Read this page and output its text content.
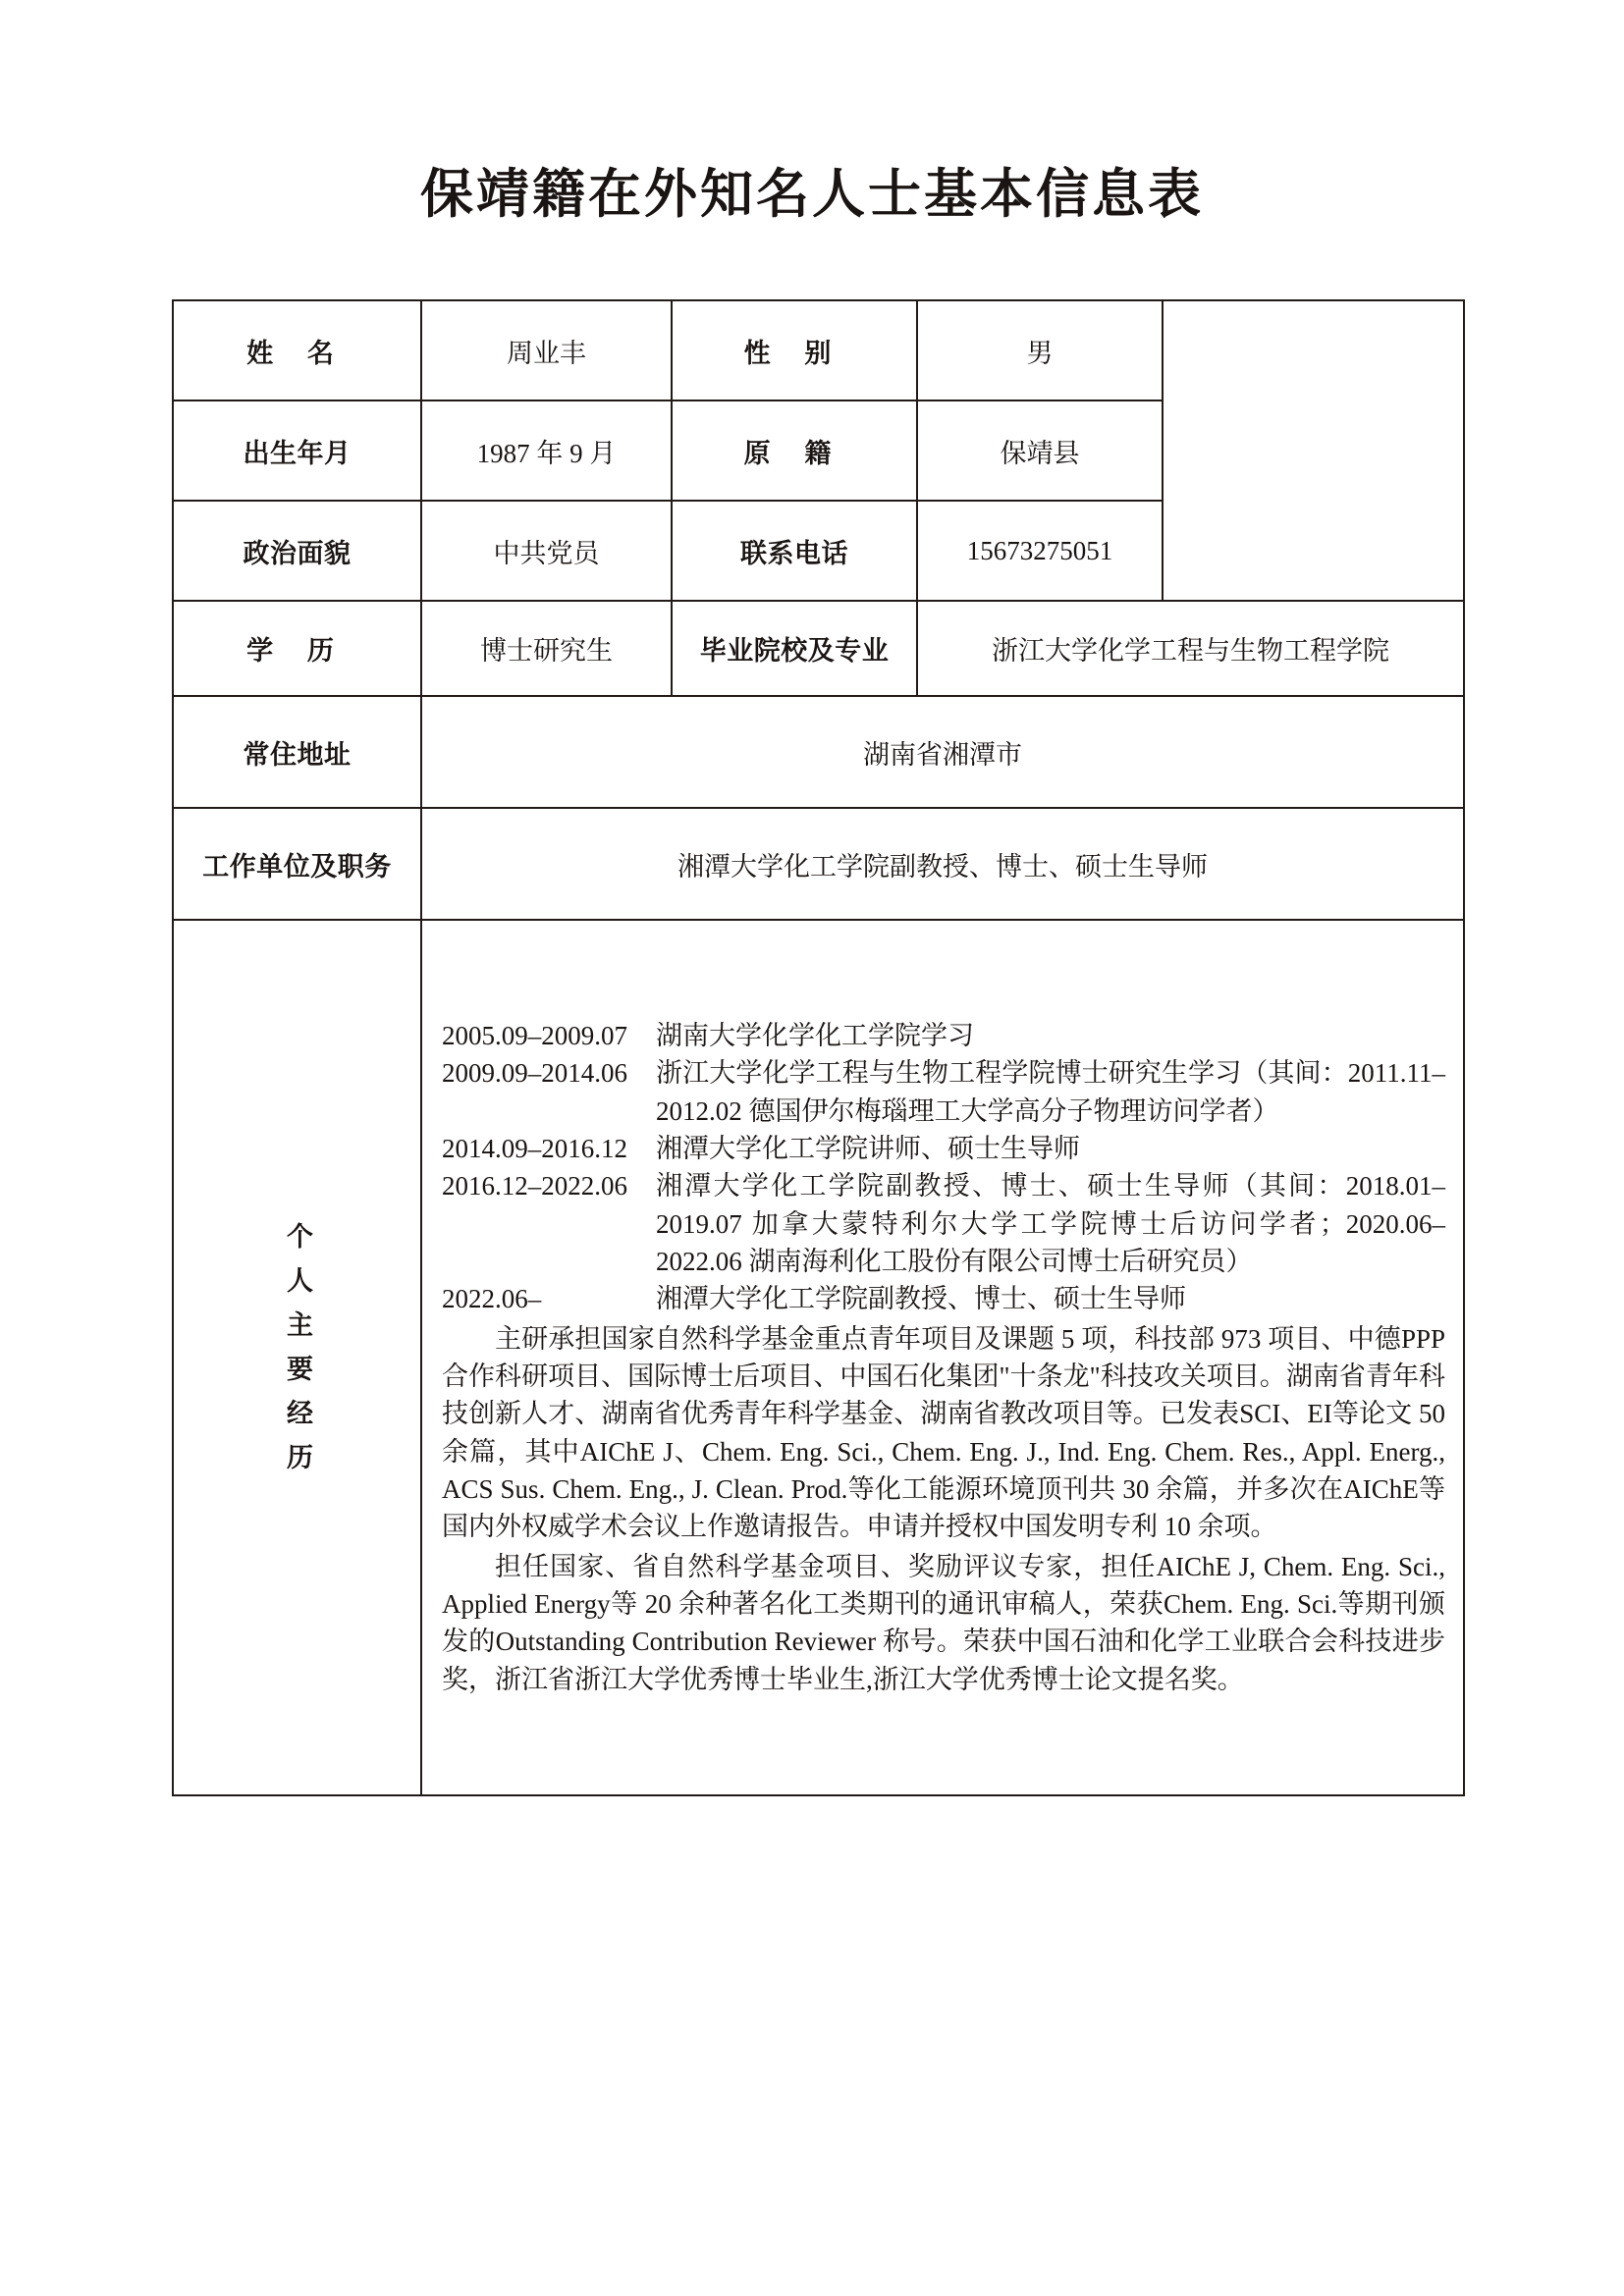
保靖籍在外知名人士基本信息表
姓 名	周业丰	性 别	男	

出生年月	1987 年 9 月	原 籍	保靖县	
政治面貌	中共党员	联系电话	15673275051	
学 历	博士研究生	毕业院校及专业	浙江大学化学工程与生物工程学院	
常住地址	湖南省湘潭市			
工作单位及职务	湘潭大学化工学院副教授、博士、硕士生导师			
个人主要经历	
2005.09–2009.07	湖南大学化学化工学院学习
2009.09–2014.06	浙江大学化学工程与生物工程学院博士研究生学习（其间：2011.11–2012.02 德国伊尔梅瑙理工大学高分子物理访问学者）
2014.09–2016.12	湘潭大学化工学院讲师、硕士生导师
2016.12–2022.06	湘潭大学化工学院副教授、博士、硕士生导师（其间：2018.01–2019.07 加拿大蒙特利尔大学工学院博士后访问学者；2020.06–2022.06 湖南海利化工股份有限公司博士后研究员）
2022.06–	湘潭大学化工学院副教授、博士、硕士生导师
主研承担国家自然科学基金重点青年项目及课题 5 项，科技部 973 项目、中德PPP合作科研项目、国际博士后项目、中国石化集团"十条龙"科技攻关项目。湖南省青年科技创新人才、湖南省优秀青年科学基金、湖南省教改项目等。已发表SCI、EI等论文 50 余篇，其中AIChE J、Chem. Eng. Sci., Chem. Eng. J., Ind. Eng. Chem. Res., Appl. Energ., ACS Sus. Chem. Eng., J. Clean. Prod.等化工能源环境顶刊共 30 余篇，并多次在AIChE等国内外权威学术会议上作邀请报告。申请并授权中国发明专利 10 余项。
担任国家、省自然科学基金项目、奖励评议专家，担任AIChE J, Chem. Eng. Sci., Applied Energy等 20 余种著名化工类期刊的通讯审稿人，荣获Chem. Eng. Sci.等期刊颁发的Outstanding Contribution Reviewer 称号。荣获中国石油和化学工业联合会科技进步奖，浙江省浙江大学优秀博士毕业生,浙江大学优秀博士论文提名奖。
